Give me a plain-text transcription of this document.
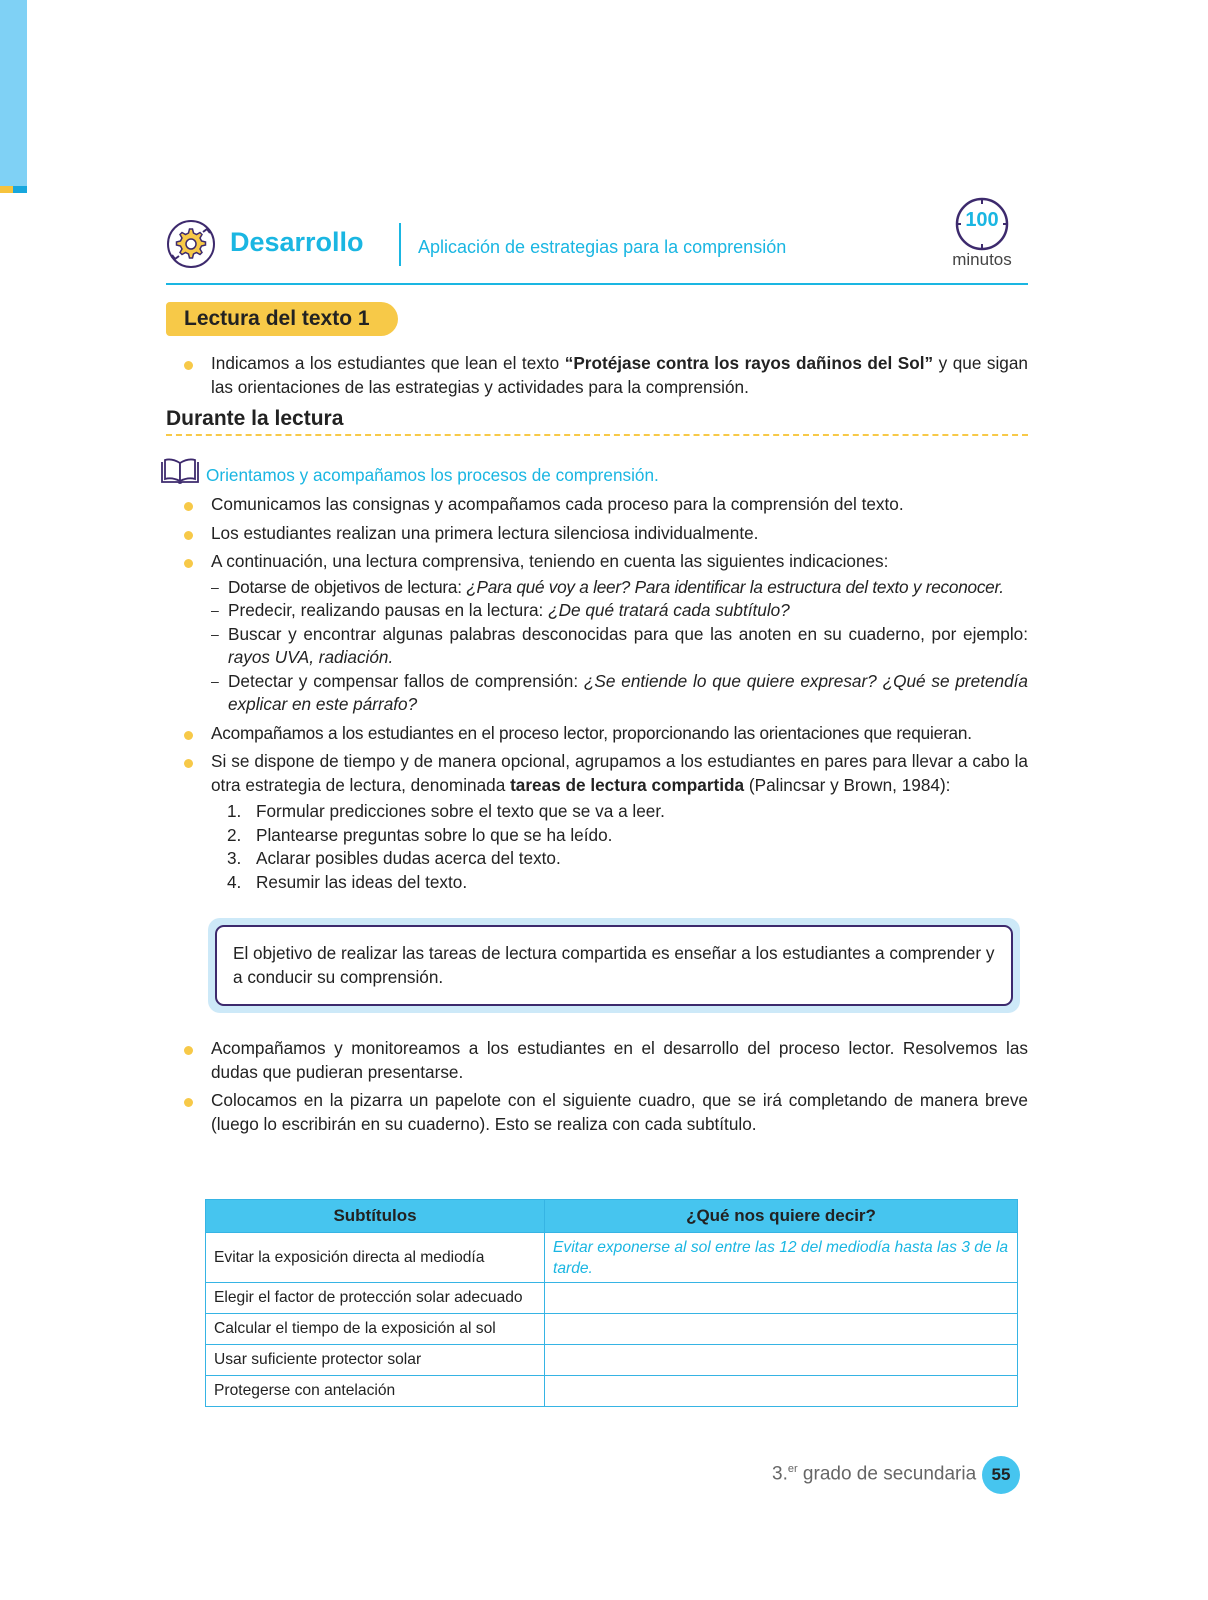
Desarrollo	Aplicación de estrategias para la comprensión
100
minutos
Lectura del texto 1
Indicamos a los estudiantes que lean el texto “Protéjase contra los rayos dañinos del Sol” y que sigan las orientaciones de las estrategias y actividades para la comprensión.
Durante la lectura
Orientamos y acompañamos los procesos de comprensión.
Comunicamos las consignas y acompañamos cada proceso para la comprensión del texto.
Los estudiantes realizan una primera lectura silenciosa individualmente.
A continuación, una lectura comprensiva, teniendo en cuenta las siguientes indicaciones:
– Dotarse de objetivos de lectura: ¿Para qué voy a leer? Para identificar la estructura del texto y reconocer.
– Predecir, realizando pausas en la lectura: ¿De qué tratará cada subtítulo?
– Buscar y encontrar algunas palabras desconocidas para que las anoten en su cuaderno, por ejemplo: rayos UVA, radiación.
– Detectar y compensar fallos de comprensión: ¿Se entiende lo que quiere expresar? ¿Qué se pretendía explicar en este párrafo?
Acompañamos a los estudiantes en el proceso lector, proporcionando las orientaciones que requieran.
Si se dispone de tiempo y de manera opcional, agrupamos a los estudiantes en pares para llevar a cabo la otra estrategia de lectura, denominada tareas de lectura compartida (Palincsar y Brown, 1984):
1. Formular predicciones sobre el texto que se va a leer.
2. Plantearse preguntas sobre lo que se ha leído.
3. Aclarar posibles dudas acerca del texto.
4. Resumir las ideas del texto.
El objetivo de realizar las tareas de lectura compartida es enseñar a los estudiantes a comprender y a conducir su comprensión.
Acompañamos y monitoreamos a los estudiantes en el desarrollo del proceso lector. Resolvemos las dudas que pudieran presentarse.
Colocamos en la pizarra un papelote con el siguiente cuadro, que se irá completando de manera breve (luego lo escribirán en su cuaderno). Esto se realiza con cada subtítulo.
Subtítulos	¿Qué nos quiere decir?
Evitar la exposición directa al mediodía	Evitar exponerse al sol entre las 12 del mediodía hasta las 3 de la tarde.
Elegir el factor de protección solar adecuado	
Calcular el tiempo de la exposición al sol	
Usar suficiente protector solar	
Protegerse con antelación	
3.$^{er}$ grado de secundaria 55
